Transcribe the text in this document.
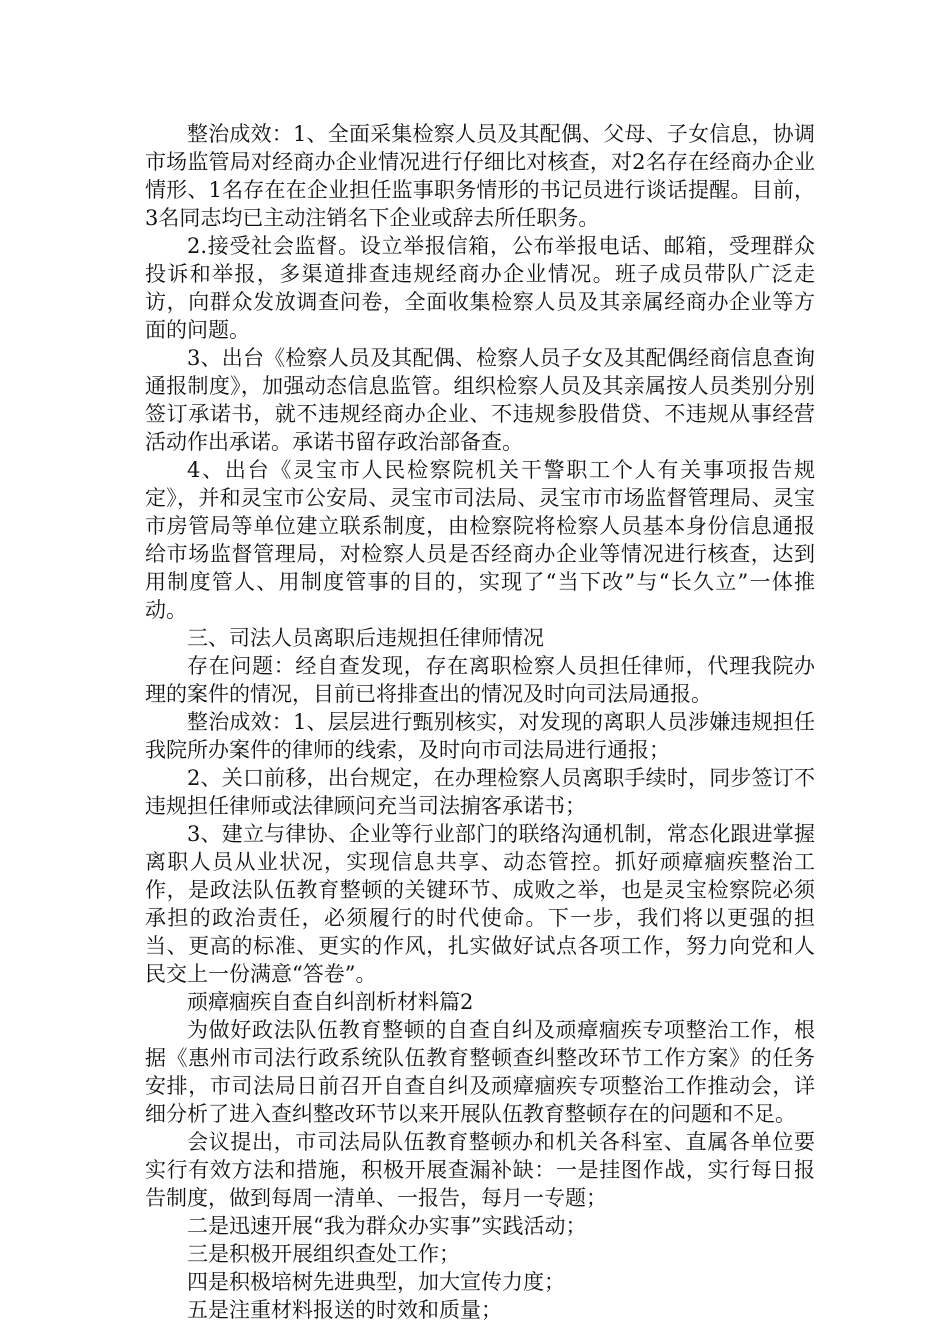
整治成效：1、全面采集检察人员及其配偶、父母、子女信息，协调市场监管局对经商办企业情况进行仔细比对核查，对2名存在经商办企业情形、1名存在在企业担任监事职务情形的书记员进行谈话提醒。目前，3名同志均已主动注销名下企业或辞去所任职务。

2.接受社会监督。设立举报信箱，公布举报电话、邮箱，受理群众投诉和举报，多渠道排查违规经商办企业情况。班子成员带队广泛走访，向群众发放调查问卷，全面收集检察人员及其亲属经商办企业等方面的问题。

3、出台《检察人员及其配偶、检察人员子女及其配偶经商信息查询通报制度》，加强动态信息监管。组织检察人员及其亲属按人员类别分别签订承诺书，就不违规经商办企业、不违规参股借贷、不违规从事经营活动作出承诺。承诺书留存政治部备查。

4、出台《灵宝市人民检察院机关干警职工个人有关事项报告规定》，并和灵宝市公安局、灵宝市司法局、灵宝市市场监督管理局、灵宝市房管局等单位建立联系制度，由检察院将检察人员基本身份信息通报给市场监督管理局，对检察人员是否经商办企业等情况进行核查，达到用制度管人、用制度管事的目的，实现了“当下改”与“长久立”一体推动。

三、司法人员离职后违规担任律师情况

存在问题：经自查发现，存在离职检察人员担任律师，代理我院办理的案件的情况，目前已将排查出的情况及时向司法局通报。

整治成效：1、层层进行甄别核实，对发现的离职人员涉嫌违规担任我院所办案件的律师的线索，及时向市司法局进行通报；

2、关口前移，出台规定，在办理检察人员离职手续时，同步签订不违规担任律师或法律顾问充当司法掮客承诺书；

3、建立与律协、企业等行业部门的联络沟通机制，常态化跟进掌握离职人员从业状况，实现信息共享、动态管控。抓好顽瘴痼疾整治工作，是政法队伍教育整顿的关键环节、成败之举，也是灵宝检察院必须承担的政治责任，必须履行的时代使命。下一步，我们将以更强的担当、更高的标准、更实的作风，扎实做好试点各项工作，努力向党和人民交上一份满意“答卷”。

顽瘴痼疾自查自纠剖析材料篇2

为做好政法队伍教育整顿的自查自纠及顽瘴痼疾专项整治工作，根据《惠州市司法行政系统队伍教育整顿查纠整改环节工作方案》的任务安排，市司法局日前召开自查自纠及顽瘴痼疾专项整治工作推动会，详细分析了进入查纠整改环节以来开展队伍教育整顿存在的问题和不足。

会议提出，市司法局队伍教育整顿办和机关各科室、直属各单位要实行有效方法和措施，积极开展查漏补缺：一是挂图作战，实行每日报告制度，做到每周一清单、一报告，每月一专题；

二是迅速开展“我为群众办实事”实践活动；

三是积极开展组织查处工作；

四是积极培树先进典型，加大宣传力度；

五是注重材料报送的时效和质量；
